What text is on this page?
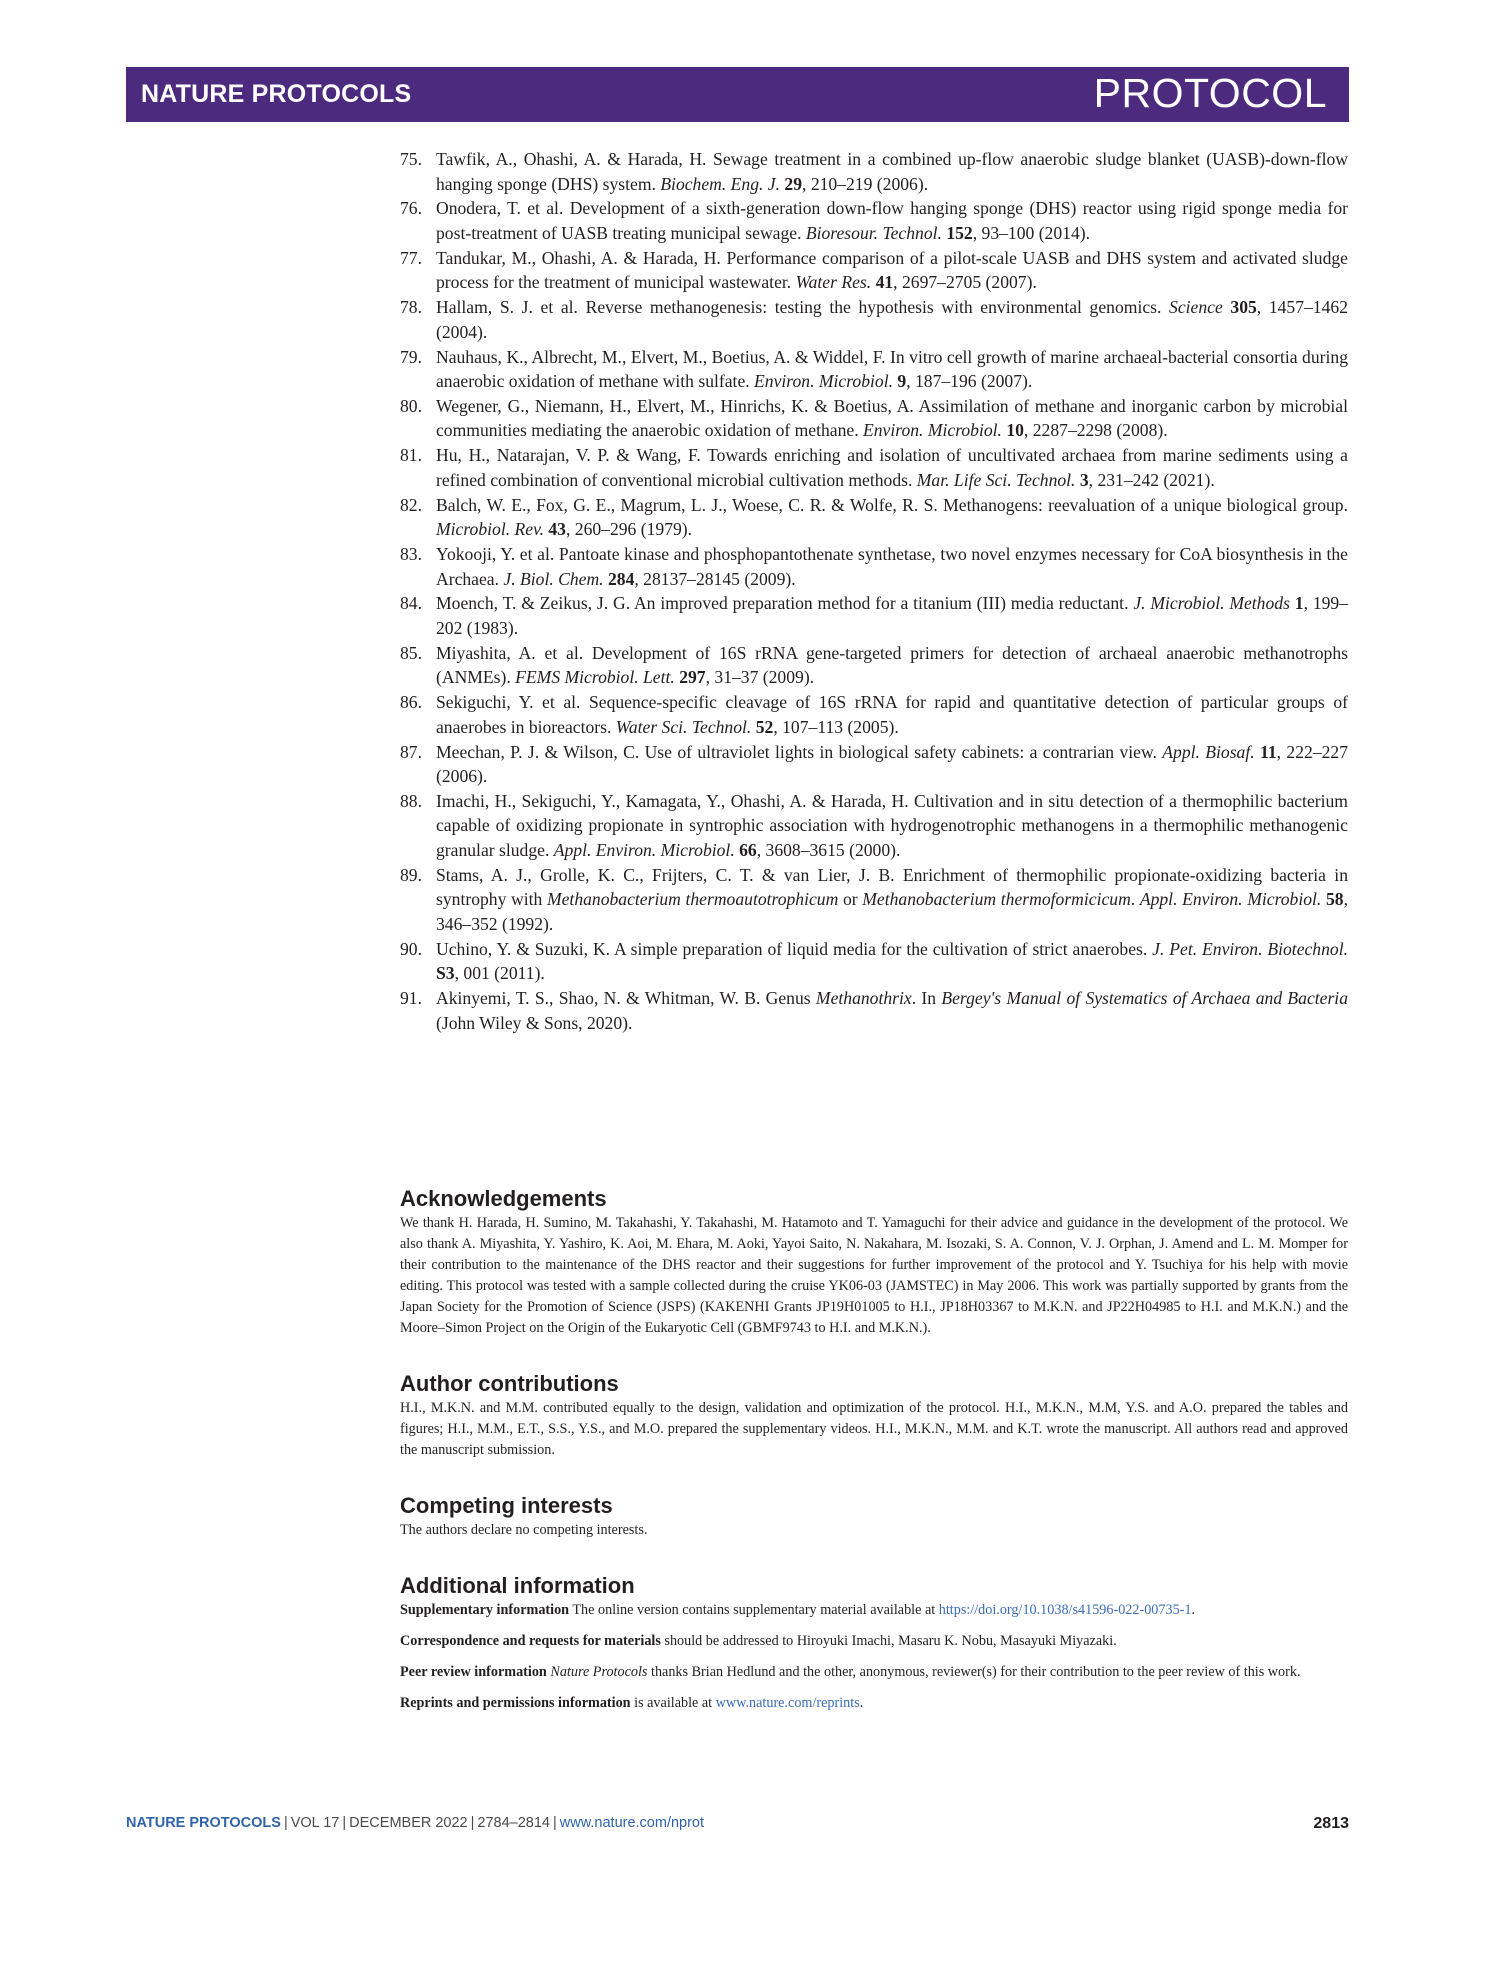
NATURE PROTOCOLS	PROTOCOL
75. Tawfik, A., Ohashi, A. & Harada, H. Sewage treatment in a combined up-flow anaerobic sludge blanket (UASB)-down-flow hanging sponge (DHS) system. Biochem. Eng. J. 29, 210–219 (2006).
76. Onodera, T. et al. Development of a sixth-generation down-flow hanging sponge (DHS) reactor using rigid sponge media for post-treatment of UASB treating municipal sewage. Bioresour. Technol. 152, 93–100 (2014).
77. Tandukar, M., Ohashi, A. & Harada, H. Performance comparison of a pilot-scale UASB and DHS system and activated sludge process for the treatment of municipal wastewater. Water Res. 41, 2697–2705 (2007).
78. Hallam, S. J. et al. Reverse methanogenesis: testing the hypothesis with environmental genomics. Science 305, 1457–1462 (2004).
79. Nauhaus, K., Albrecht, M., Elvert, M., Boetius, A. & Widdel, F. In vitro cell growth of marine archaeal-bacterial consortia during anaerobic oxidation of methane with sulfate. Environ. Microbiol. 9, 187–196 (2007).
80. Wegener, G., Niemann, H., Elvert, M., Hinrichs, K. & Boetius, A. Assimilation of methane and inorganic carbon by microbial communities mediating the anaerobic oxidation of methane. Environ. Microbiol. 10, 2287–2298 (2008).
81. Hu, H., Natarajan, V. P. & Wang, F. Towards enriching and isolation of uncultivated archaea from marine sediments using a refined combination of conventional microbial cultivation methods. Mar. Life Sci. Technol. 3, 231–242 (2021).
82. Balch, W. E., Fox, G. E., Magrum, L. J., Woese, C. R. & Wolfe, R. S. Methanogens: reevaluation of a unique biological group. Microbiol. Rev. 43, 260–296 (1979).
83. Yokooji, Y. et al. Pantoate kinase and phosphopantothenate synthetase, two novel enzymes necessary for CoA biosynthesis in the Archaea. J. Biol. Chem. 284, 28137–28145 (2009).
84. Moench, T. & Zeikus, J. G. An improved preparation method for a titanium (III) media reductant. J. Microbiol. Methods 1, 199–202 (1983).
85. Miyashita, A. et al. Development of 16S rRNA gene-targeted primers for detection of archaeal anaerobic methanotrophs (ANMEs). FEMS Microbiol. Lett. 297, 31–37 (2009).
86. Sekiguchi, Y. et al. Sequence-specific cleavage of 16S rRNA for rapid and quantitative detection of particular groups of anaerobes in bioreactors. Water Sci. Technol. 52, 107–113 (2005).
87. Meechan, P. J. & Wilson, C. Use of ultraviolet lights in biological safety cabinets: a contrarian view. Appl. Biosaf. 11, 222–227 (2006).
88. Imachi, H., Sekiguchi, Y., Kamagata, Y., Ohashi, A. & Harada, H. Cultivation and in situ detection of a thermophilic bacterium capable of oxidizing propionate in syntrophic association with hydrogenotrophic methanogens in a thermophilic methanogenic granular sludge. Appl. Environ. Microbiol. 66, 3608–3615 (2000).
89. Stams, A. J., Grolle, K. C., Frijters, C. T. & van Lier, J. B. Enrichment of thermophilic propionate-oxidizing bacteria in syntrophy with Methanobacterium thermoautotrophicum or Methanobacterium thermoformicicum. Appl. Environ. Microbiol. 58, 346–352 (1992).
90. Uchino, Y. & Suzuki, K. A simple preparation of liquid media for the cultivation of strict anaerobes. J. Pet. Environ. Biotechnol. S3, 001 (2011).
91. Akinyemi, T. S., Shao, N. & Whitman, W. B. Genus Methanothrix. In Bergey's Manual of Systematics of Archaea and Bacteria (John Wiley & Sons, 2020).
Acknowledgements

We thank H. Harada, H. Sumino, M. Takahashi, Y. Takahashi, M. Hatamoto and T. Yamaguchi for their advice and guidance in the development of the protocol. We also thank A. Miyashita, Y. Yashiro, K. Aoi, M. Ehara, M. Aoki, Yayoi Saito, N. Nakahara, M. Isozaki, S. A. Connon, V. J. Orphan, J. Amend and L. M. Momper for their contribution to the maintenance of the DHS reactor and their suggestions for further improvement of the protocol and Y. Tsuchiya for his help with movie editing. This protocol was tested with a sample collected during the cruise YK06-03 (JAMSTEC) in May 2006. This work was partially supported by grants from the Japan Society for the Promotion of Science (JSPS) (KAKENHI Grants JP19H01005 to H.I., JP18H03367 to M.K.N. and JP22H04985 to H.I. and M.K.N.) and the Moore–Simon Project on the Origin of the Eukaryotic Cell (GBMF9743 to H.I. and M.K.N.).

Author contributions

H.I., M.K.N. and M.M. contributed equally to the design, validation and optimization of the protocol. H.I., M.K.N., M.M, Y.S. and A.O. prepared the tables and figures; H.I., M.M., E.T., S.S., Y.S., and M.O. prepared the supplementary videos. H.I., M.K.N., M.M. and K.T. wrote the manuscript. All authors read and approved the manuscript submission.

Competing interests

The authors declare no competing interests.

Additional information

Supplementary information The online version contains supplementary material available at https://doi.org/10.1038/s41596-022-00735-1.

Correspondence and requests for materials should be addressed to Hiroyuki Imachi, Masaru K. Nobu, Masayuki Miyazaki.

Peer review information Nature Protocols thanks Brian Hedlund and the other, anonymous, reviewer(s) for their contribution to the peer review of this work.

Reprints and permissions information is available at www.nature.com/reprints.

NATURE PROTOCOLS | VOL 17 | DECEMBER 2022 | 2784–2814 | www.nature.com/nprot	2813
